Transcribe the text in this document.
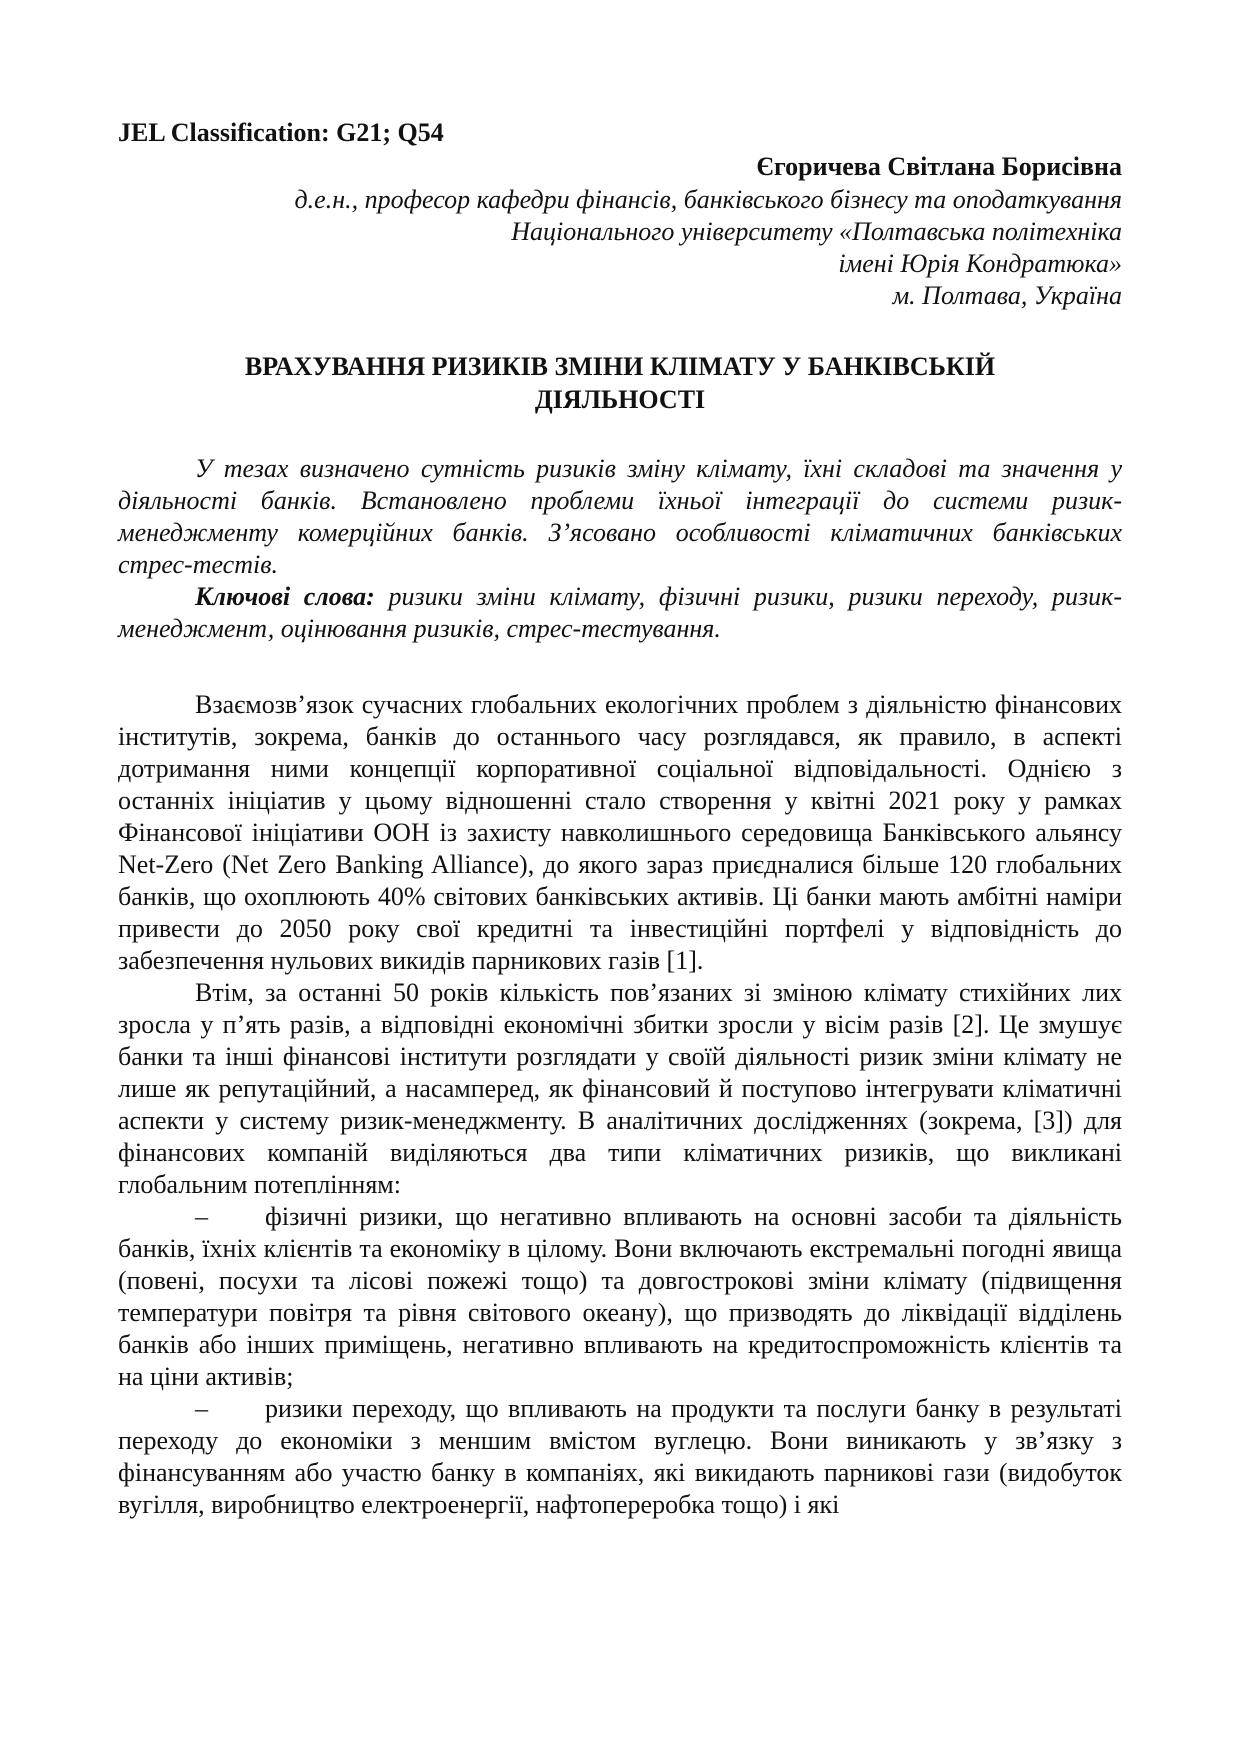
JEL Classification: G21; Q54
Єгоричева Світлана Борисівна
д.е.н., професор кафедри фінансів, банківського бізнесу та оподаткування
Національного університету «Полтавська політехніка
імені Юрія Кондратюка»
м. Полтава, Україна
ВРАХУВАННЯ РИЗИКІВ ЗМІНИ КЛІМАТУ У БАНКІВСЬКІЙ
ДІЯЛЬНОСТІ

У тезах визначено сутність ризиків зміну клімату, їхні складові та значення у діяльності банків. Встановлено проблеми їхньої інтеграції до системи ризик-менеджменту комерційних банків. З’ясовано особливості кліматичних банківських стрес-тестів.

Ключові слова: ризики зміни клімату, фізичні ризики, ризики переходу, ризик-менеджмент, оцінювання ризиків, стрес-тестування.

Взаємозв’язок сучасних глобальних екологічних проблем з діяльністю фінансових інститутів, зокрема, банків до останнього часу розглядався, як правило, в аспекті дотримання ними концепції корпоративної соціальної відповідальності. Однією з останніх ініціатив у цьому відношенні стало створення у квітні 2021 року у рамках Фінансової ініціативи ООН із захисту навколишнього середовища Банківського альянсу Net-Zero (Net Zero Banking Alliance), до якого зараз приєдналися більше 120 глобальних банків, що охоплюють 40% світових банківських активів. Ці банки мають амбітні наміри привести до 2050 року свої кредитні та інвестиційні портфелі у відповідність до забезпечення нульових викидів парникових газів [1].

Втім, за останні 50 років кількість пов’язаних зі зміною клімату стихійних лих зросла у п’ять разів, а відповідні економічні збитки зросли у вісім разів [2]. Це змушує банки та інші фінансові інститути розглядати у своїй діяльності ризик зміни клімату не лише як репутаційний, а насамперед, як фінансовий й поступово інтегрувати кліматичні аспекти у систему ризик-менеджменту. В аналітичних дослідженнях (зокрема, [3]) для фінансових компаній виділяються два типи кліматичних ризиків, що викликані глобальним потеплінням:

– фізичні ризики, що негативно впливають на основні засоби та діяльність банків, їхніх клієнтів та економіку в цілому. Вони включають екстремальні погодні явища (повені, посухи та лісові пожежі тощо) та довгострокові зміни клімату (підвищення температури повітря та рівня світового океану), що призводять до ліквідації відділень банків або інших приміщень, негативно впливають на кредитоспроможність клієнтів та на ціни активів;

– ризики переходу, що впливають на продукти та послуги банку в результаті переходу до економіки з меншим вмістом вуглецю. Вони виникають у зв’язку з фінансуванням або участю банку в компаніях, які викидають парникові гази (видобуток вугілля, виробництво електроенергії, нафтопереробка тощо) і які
